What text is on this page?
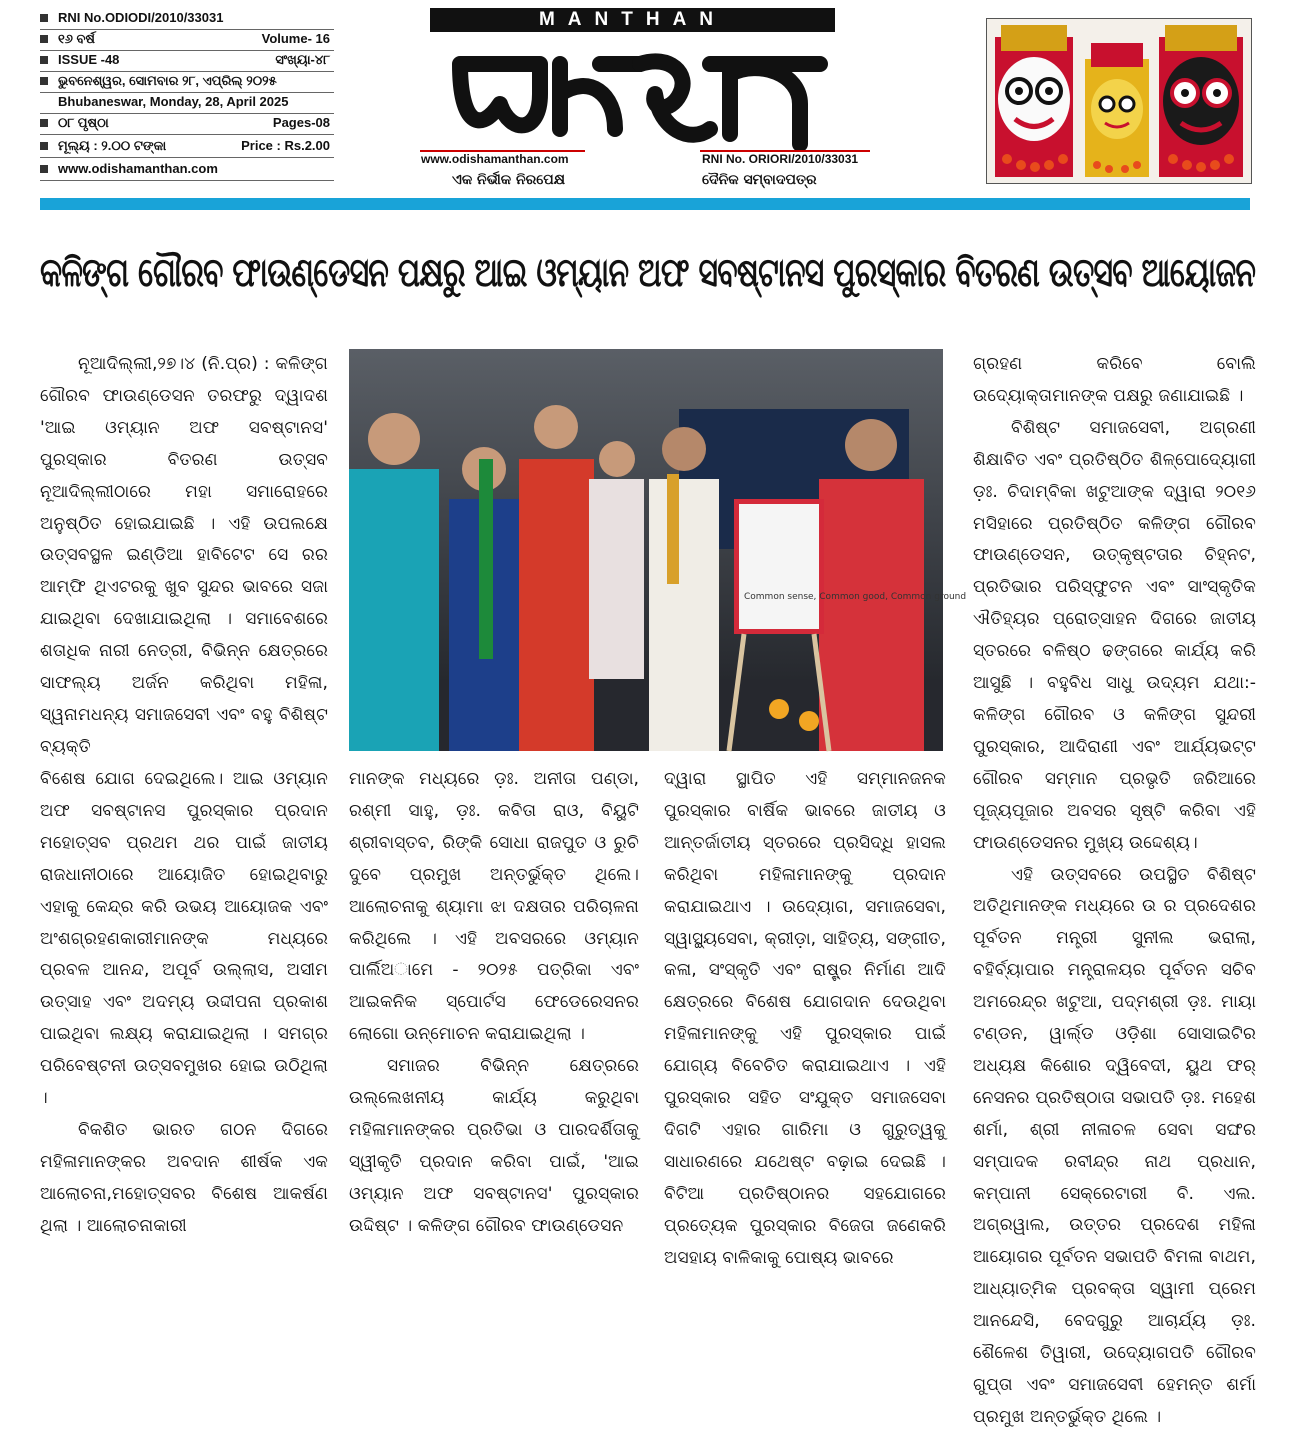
RNI No.ODIODI/2010/33031
୧୬ ବର୍ଷ	Volume- 16
ISSUE -48	ସଂଖ୍ୟା-୪୮
ଭୁବନେଶ୍ୱର, ସୋମବାର ୨୮, ଏପ୍ରିଲ୍ ୨୦୨୫
Bhubaneswar, Monday, 28, April 2025
୦୮ ପୃଷ୍ଠା	Pages-08
ମୂଲ୍ୟ : ୨.୦୦ ଟଙ୍କା	Price : Rs.2.00
www.odishamanthan.com
MANTHAN
ମନ୍ଥନ
www.odishamanthan.com	RNI No. ORIORI/2010/33031
ଏକ ନିର୍ଭୀକ ନିରପେକ୍ଷ	ଦୈନିକ ସମ୍ବାଦପତ୍ର
କଳିଙ୍ଗ ଗୌରବ ଫାଉଣ୍ଡେସନ ପକ୍ଷରୁ ଆଇ ଓମ୍ୟାନ ଅଫ ସବଷ୍ଟାନସ ପୁରସ୍କାର ବିତରଣ ଉତ୍ସବ ଆୟୋଜନ
Common sense, Common good, Common ground
ନୂଆଦିଲ୍ଲୀ,୨୭।୪ (ନି.ପ୍ର) : କଳିଙ୍ଗ ଗୌରବ ଫାଉଣ୍ଡେସନ ତରଫରୁ ଦ୍ୱାଦଶ 'ଆଇ ଓମ୍ୟାନ ଅଫ ସବଷ୍ଟାନସ' ପୁରସ୍କାର ବିତରଣ ଉତ୍ସବ ନୂଆଦିଲ୍ଲୀଠାରେ ମହା ସମାରୋହରେ ଅନୁଷ୍ଠିତ ହୋଇଯାଇଛି । ଏହି ଉପଲକ୍ଷେ ଉତ୍ସବସ୍ଥଳ ଇଣ୍ଡିଆ ହାବିଟେଟ ସେ ରର ଆମ୍ଫି ଥିଏଟରକୁ ଖୁବ ସୁନ୍ଦର ଭାବରେ ସଜା ଯାଇଥିବା ଦେଖାଯାଇଥିଲା । ସମାବେଶରେ ଶତାଧିକ ନାରୀ ନେତ୍ରୀ, ବିଭିନ୍ନ କ୍ଷେତ୍ରରେ ସାଫଲ୍ୟ ଅର୍ଜନ କରିଥିବା ମହିଳା, ସ୍ୱନାମଧନ୍ୟ ସମାଜସେବୀ ଏବଂ ବହୁ ବିଶିଷ୍ଟ ବ୍ୟକ୍ତି
ବିଶେଷ ଯୋଗ ଦେଇଥିଲେ। ଆଇ ଓମ୍ୟାନ ଅଫ ସବଷ୍ଟାନସ ପୁରସ୍କାର ପ୍ରଦାନ ମହୋତ୍ସବ ପ୍ରଥମ ଥର ପାଇଁ ଜାତୀୟ ରାଜଧାନୀଠାରେ ଆୟୋଜିତ ହୋଇଥିବାରୁ ଏହାକୁ କେନ୍ଦ୍ର କରି ଉଭୟ ଆୟୋଜକ ଏବଂ ଅଂଶଗ୍ରହଣକାରୀମାନଙ୍କ ମଧ୍ୟରେ ପ୍ରବଳ ଆନନ୍ଦ, ଅପୂର୍ବ ଉଲ୍ଲାସ, ଅସୀମ ଉତ୍ସାହ ଏବଂ ଅଦମ୍ୟ ଉଦ୍ଦୀପନା ପ୍ରକାଶ ପାଇଥିବା ଲକ୍ଷ୍ୟ କରାଯାଇଥିଲା । ସମଗ୍ର ପରିବେଷ୍ଟନୀ ଉତ୍ସବମୁଖର ହୋଇ ଉଠିଥିଲା ।
ବିକଶିତ ଭାରତ ଗଠନ ଦିଗରେ ମହିଳାମାନଙ୍କର ଅବଦାନ ଶୀର୍ଷକ ଏକ ଆଲୋଚନା,ମହୋତ୍ସବର ବିଶେଷ ଆକର୍ଷଣ ଥିଲା । ଆଲୋଚନାକାରୀ
ମାନଙ୍କ ମଧ୍ୟରେ ଡ଼ଃ. ଅନୀତା ପଣ୍ଡା, ରଶ୍ମୀ ସାହୁ, ଡ଼ଃ. କବିତା ରାଓ, ବିୟୁଟି ଶ୍ରୀବାସ୍ତବ, ରିଙ୍କି ସୋଧା ରାଜପୁତ ଓ ରୁଚି ଦୁବେ ପ୍ରମୁଖ ଅନ୍ତର୍ଭୁକ୍ତ ଥିଲେ। ଆଲୋଚନାକୁ ଶ୍ୟାମା ଝା ଦକ୍ଷତାର ପରିଚାଳନା କରିଥିଲେ । ଏହି ଅବସରରେ ଓମ୍ୟାନ ପାର୍ଲିଅାମେ - ୨୦୨୫ ପତ୍ରିକା ଏବଂ ଆଇକନିକ ସ୍ପୋର୍ଟସ ଫେଡେରେସନର ଲୋଗୋ ଉନ୍ମୋଚନ କରାଯାଇଥିଲା ।
ସମାଜର ବିଭିନ୍ନ କ୍ଷେତ୍ରରେ ଉଲ୍ଲେଖନୀୟ କାର୍ଯ୍ୟ କରୁଥିବା ମହିଳାମାନଙ୍କର ପ୍ରତିଭା ଓ ପାରଦର୍ଶିତାକୁ ସ୍ୱୀକୃତି ପ୍ରଦାନ କରିବା ପାଇଁ, 'ଆଇ ଓମ୍ୟାନ ଅଫ ସବଷ୍ଟାନସ' ପୁରସ୍କାର ଉଦ୍ଦିଷ୍ଟ । କଳିଙ୍ଗ ଗୌରବ ଫାଉଣ୍ଡେସନ
ଦ୍ୱାରା ସ୍ଥାପିତ ଏହି ସମ୍ମାନଜନକ ପୁରସ୍କାର ବାର୍ଷିକ ଭାବରେ ଜାତୀୟ ଓ ଆନ୍ତର୍ଜାତୀୟ ସ୍ତରରେ ପ୍ରସିଦ୍ଧି ହାସଲ କରିଥିବା ମହିଳାମାନଙ୍କୁ ପ୍ରଦାନ କରାଯାଇଥାଏ । ଉଦ୍ୟୋଗ, ସମାଜସେବା, ସ୍ୱାସ୍ଥ୍ୟସେବା, କ୍ରୀଡ଼ା, ସାହିତ୍ୟ, ସଙ୍ଗୀତ, କଳା, ସଂସ୍କୃତି ଏବଂ ରାଷ୍ଟ୍ର ନିର୍ମାଣ ଆଦି କ୍ଷେତ୍ରରେ ବିଶେଷ ଯୋଗଦାନ ଦେଉଥିବା ମହିଳାମାନଙ୍କୁ ଏହି ପୁରସ୍କାର ପାଇଁ ଯୋଗ୍ୟ ବିବେଚିତ କରାଯାଇଥାଏ । ଏହି ପୁରସ୍କାର ସହିତ ସଂଯୁକ୍ତ ସମାଜସେବା ଦିଗଟି ଏହାର ଗାରିମା ଓ ଗୁରୁତ୍ୱକୁ ସାଧାରଣରେ ଯଥେଷ୍ଟ ବଢ଼ାଇ ଦେଇଛି । ବିଟିଆ ପ୍ରତିଷ୍ଠାନର ସହଯୋଗରେ ପ୍ରତ୍ୟେକ ପୁରସ୍କାର ବିଜେତା ଜଣେକରି ଅସହାୟ ବାଳିକାକୁ ପୋଷ୍ୟ ଭାବରେ
ଗ୍ରହଣ କରିବେ ବୋଲି ଉଦ୍ୟୋକ୍ତାମାନଙ୍କ ପକ୍ଷରୁ ଜଣାଯାଇଛି ।
ବିଶିଷ୍ଟ ସମାଜସେବୀ, ଅଗ୍ରଣୀ ଶିକ୍ଷାବିତ ଏବଂ ପ୍ରତିଷ୍ଠିତ ଶିଳ୍ପୋଦ୍ୟୋଗୀ ଡ଼ଃ. ଚିଦାମ୍ବିକା ଖଟୁଆଙ୍କ ଦ୍ୱାରା ୨୦୧୬ ମସିହାରେ ପ୍ରତିଷ୍ଠିତ କଳିଙ୍ଗ ଗୌରବ ଫାଉଣ୍ଡେସନ, ଉତ୍କୃଷ୍ଟତାର ଚିହ୍ନଟ, ପ୍ରତିଭାର ପରିସ୍ଫୁଟନ ଏବଂ ସାଂସ୍କୃତିକ ଐତିହ୍ୟର ପ୍ରୋତ୍ସାହନ ଦିଗରେ ଜାତୀୟ ସ୍ତରରେ ବଳିଷ୍ଠ ଢଙ୍ଗରେ କାର୍ଯ୍ୟ କରି ଆସୁଛି । ବହୁବିଧ ସାଧୁ ଉଦ୍ୟମ ଯଥା:- କଳିଙ୍ଗ ଗୌରବ ଓ କଳିଙ୍ଗ ସୁନ୍ଦରୀ ପୁରସ୍କାର, ଆଦିରାଣୀ ଏବଂ ଆର୍ଯ୍ୟଭଟ୍ଟ ଗୌରବ ସମ୍ମାନ ପ୍ରଭୃତି ଜରିଆରେ ପୂଜ୍ୟପୂଜାର ଅବସର ସୃଷ୍ଟି କରିବା ଏହି ଫାଉଣ୍ଡେସନର ମୁଖ୍ୟ ଉଦ୍ଦେଶ୍ୟ।
ଏହି ଉତ୍ସବରେ ଉପସ୍ଥିତ ବିଶିଷ୍ଟ ଅତିଥିମାନଙ୍କ ମଧ୍ୟରେ ଉ ର ପ୍ରଦେଶର ପୂର୍ବତନ ମନ୍ତ୍ରୀ ସୁନୀଲ ଭରାଲା, ବହିର୍ବ୍ୟାପାର ମନ୍ତ୍ରାଳୟର ପୂର୍ବତନ ସଚିବ ଅମରେନ୍ଦ୍ର ଖଟୁଆ, ପଦ୍ମଶ୍ରୀ ଡ଼ଃ. ମାୟା ଟଣ୍ଡନ, ୱାର୍ଲ୍ଡ ଓଡ଼ିଶା ସୋସାଇଟିର ଅଧ୍ୟକ୍ଷ କିଶୋର ଦ୍ୱିବେଦୀ, ୟୁଥ ଫର୍ ନେସନର ପ୍ରତିଷ୍ଠାତା ସଭାପତି ଡ଼ଃ. ମହେଶ ଶର୍ମା, ଶ୍ରୀ ନୀଳାଚଳ ସେବା ସଙ୍ଘର ସମ୍ପାଦକ ରବୀନ୍ଦ୍ର ନାଥ ପ୍ରଧାନ, କମ୍ପାନୀ ସେକ୍ରେଟାରୀ ବି. ଏଲ. ଅଗ୍ରୱାଲ, ଉତ୍ତର ପ୍ରଦେଶ ମହିଳା ଆୟୋଗର ପୂର୍ବତନ ସଭାପତି ବିମଳା ବାଥମ, ଆଧ୍ୟାତ୍ମିକ ପ୍ରବକ୍ତା ସ୍ୱାମୀ ପ୍ରେମ ଆନନ୍ଦେସି, ବେଦଗୁରୁ ଆଚାର୍ଯ୍ୟ ଡ଼ଃ. ଶୈଳେଶ ତିୱାରୀ, ଉଦ୍ୟୋଗପତି ଗୌରବ ଗୁପ୍ତା ଏବଂ ସମାଜସେବୀ ହେମନ୍ତ ଶର୍ମା ପ୍ରମୁଖ ଅନ୍ତର୍ଭୁକ୍ତ ଥିଲେ ।
